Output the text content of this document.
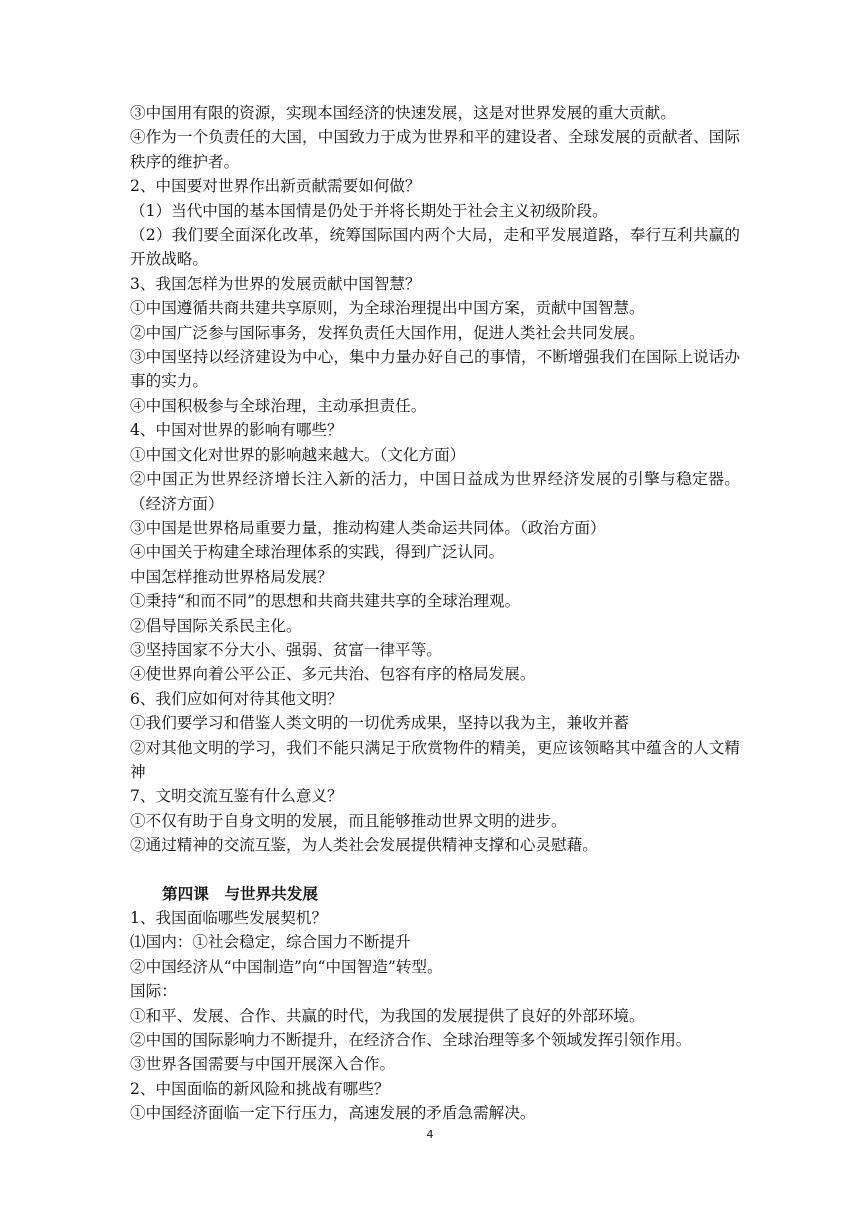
③中国用有限的资源，实现本国经济的快速发展，这是对世界发展的重大贡献。

④作为一个负责任的大国，中国致力于成为世界和平的建设者、全球发展的贡献者、国际秩序的维护者。

2、中国要对世界作出新贡献需要如何做？

（1）当代中国的基本国情是仍处于并将长期处于社会主义初级阶段。

（2）我们要全面深化改革，统筹国际国内两个大局，走和平发展道路，奉行互利共赢的开放战略。

3、我国怎样为世界的发展贡献中国智慧？

①中国遵循共商共建共享原则，为全球治理提出中国方案，贡献中国智慧。

②中国广泛参与国际事务，发挥负责任大国作用，促进人类社会共同发展。

③中国坚持以经济建设为中心，集中力量办好自己的事情，不断增强我们在国际上说话办事的实力。

④中国积极参与全球治理，主动承担责任。

4、中国对世界的影响有哪些？

①中国文化对世界的影响越来越大。（文化方面）

②中国正为世界经济增长注入新的活力，中国日益成为世界经济发展的引擎与稳定器。（经济方面）

③中国是世界格局重要力量，推动构建人类命运共同体。（政治方面）

④中国关于构建全球治理体系的实践，得到广泛认同。

中国怎样推动世界格局发展？

①秉持“和而不同”的思想和共商共建共享的全球治理观。

②倡导国际关系民主化。

③坚持国家不分大小、强弱、贫富一律平等。

④使世界向着公平公正、多元共治、包容有序的格局发展。

6、我们应如何对待其他文明？

①我们要学习和借鉴人类文明的一切优秀成果，坚持以我为主，兼收并蓄

②对其他文明的学习，我们不能只满足于欣赏物件的精美，更应该领略其中蕴含的人文精神

7、文明交流互鉴有什么意义？

①不仅有助于自身文明的发展，而且能够推动世界文明的进步。

②通过精神的交流互鉴，为人类社会发展提供精神支撑和心灵慰藉。

第四课　与世界共发展

1、我国面临哪些发展契机？

⑴国内：①社会稳定，综合国力不断提升

②中国经济从“中国制造”向“中国智造”转型。

国际：

①和平、发展、合作、共赢的时代，为我国的发展提供了良好的外部环境。

②中国的国际影响力不断提升，在经济合作、全球治理等多个领域发挥引领作用。

③世界各国需要与中国开展深入合作。

2、中国面临的新风险和挑战有哪些？

①中国经济面临一定下行压力，高速发展的矛盾急需解决。

4
